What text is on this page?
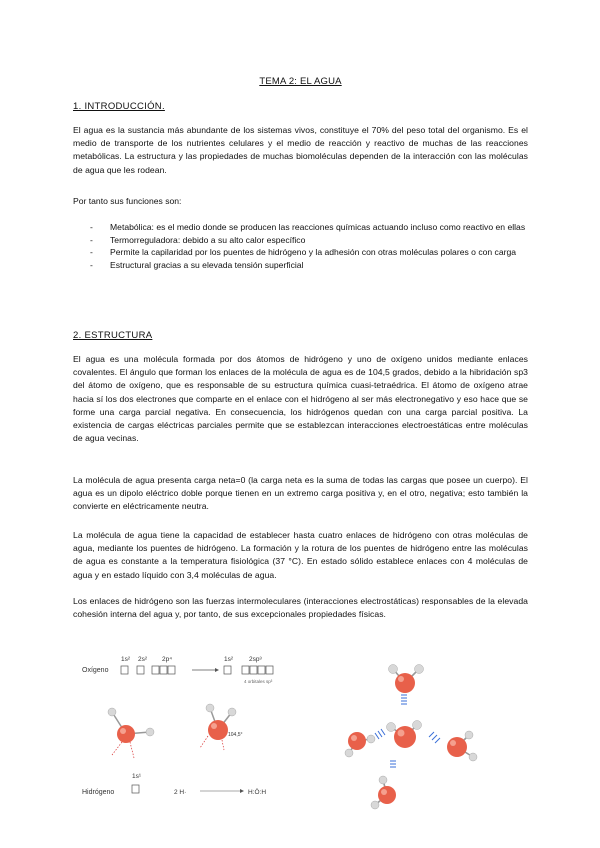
TEMA 2: EL AGUA
1. INTRODUCCIÓN.
El agua es la sustancia más abundante de los sistemas vivos, constituye el 70% del peso total del organismo. Es el medio de transporte de los nutrientes celulares y el medio de reacción y reactivo de muchas de las reacciones metabólicas. La estructura y las propiedades de muchas biomoléculas dependen de la interacción con las moléculas de agua que les rodean.
Por tanto sus funciones son:
- Metabólica: es el medio donde se producen las reacciones químicas actuando incluso como reactivo en ellas
- Termorreguladora: debido a su alto calor específico
- Permite la capilaridad por los puentes de hidrógeno y la adhesión con otras moléculas polares o con carga
- Estructural gracias a su elevada tensión superficial
2. ESTRUCTURA
El agua es una molécula formada por dos átomos de hidrógeno y uno de oxígeno unidos mediante enlaces covalentes. El ángulo que forman los enlaces de la molécula de agua es de 104,5 grados, debido a la hibridación sp3 del átomo de oxígeno, que es responsable de su estructura química cuasi-tetraédrica. El átomo de oxígeno atrae hacia sí los dos electrones que comparte en el enlace con el hidrógeno al ser más electronegativo y eso hace que se forme una carga parcial negativa. En consecuencia, los hidrógenos quedan con una carga parcial positiva. La existencia de cargas eléctricas parciales permite que se establezcan interacciones electroestáticas entre moléculas de agua vecinas.
La molécula de agua presenta carga neta=0 (la carga neta es la suma de todas las cargas que posee un cuerpo). El agua es un dipolo eléctrico doble porque tienen en un extremo carga positiva y, en el otro, negativa; esto también la convierte en eléctricamente neutra.
La molécula de agua tiene la capacidad de establecer hasta cuatro enlaces de hidrógeno con otras moléculas de agua, mediante los puentes de hidrógeno. La formación y la rotura de los puentes de hidrógeno entre las moléculas de agua es constante a la temperatura fisiológica (37 °C). En estado sólido establece enlaces con 4 moléculas de agua y en estado líquido con 3,4 moléculas de agua.
Los enlaces de hidrógeno son las fuerzas intermoleculares (interacciones electrostáticas) responsables de la elevada cohesión interna del agua y, por tanto, de sus excepcionales propiedades físicas.
Oxígeno
1s² 2s² 2p⁴	1s² 2sp³
4 orbitales sp³
104,5°
1s¹
Hidrógeno	2 H·	H:Ö:H
